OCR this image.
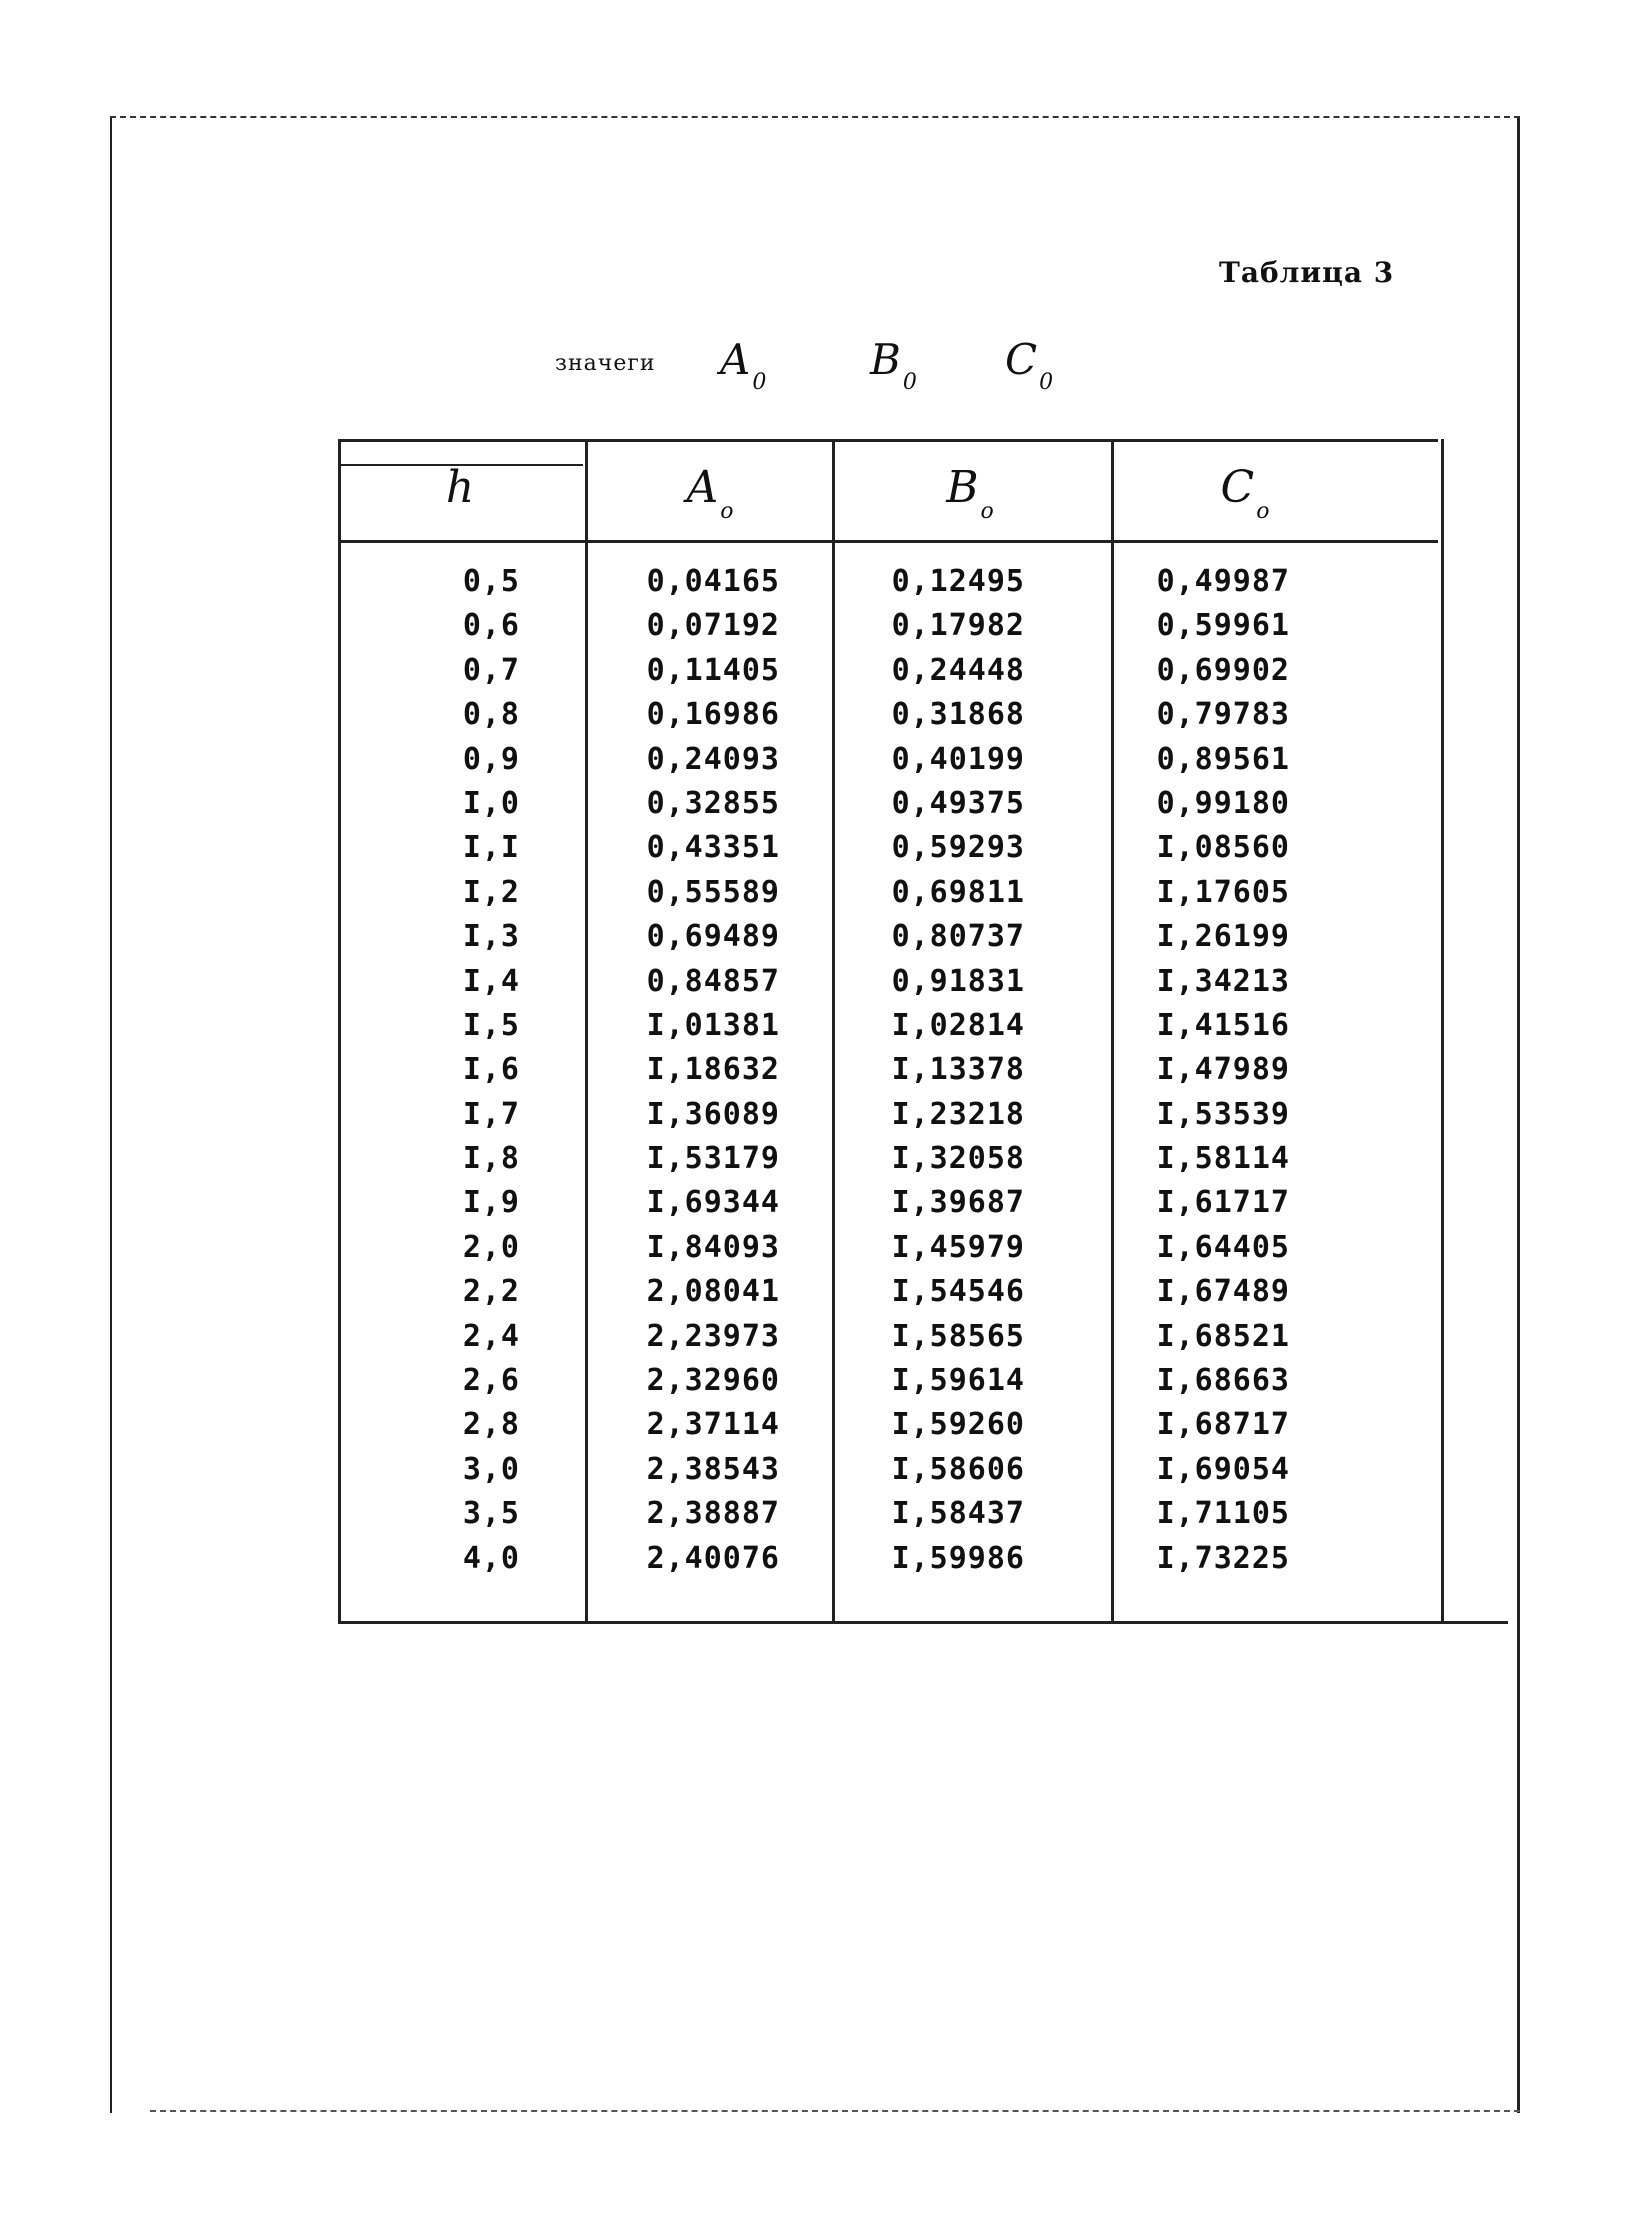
Таблица 3
значеги $A_0$ $B_0$ $C_0$
h	$A_o$	$B_o$	$C_o$
0,5	0,04165	0,12495	0,49987
0,6	0,07192	0,17982	0,59961
0,7	0,11405	0,24448	0,69902
0,8	0,16986	0,31868	0,79783
0,9	0,24093	0,40199	0,89561
I,0	0,32855	0,49375	0,99180
I,I	0,43351	0,59293	I,08560
I,2	0,55589	0,69811	I,17605
I,3	0,69489	0,80737	I,26199
I,4	0,84857	0,91831	I,34213
I,5	I,01381	I,02814	I,41516
I,6	I,18632	I,13378	I,47989
I,7	I,36089	I,23218	I,53539
I,8	I,53179	I,32058	I,58114
I,9	I,69344	I,39687	I,61717
2,0	I,84093	I,45979	I,64405
2,2	2,08041	I,54546	I,67489
2,4	2,23973	I,58565	I,68521
2,6	2,32960	I,59614	I,68663
2,8	2,37114	I,59260	I,68717
3,0	2,38543	I,58606	I,69054
3,5	2,38887	I,58437	I,71105
4,0	2,40076	I,59986	I,73225
